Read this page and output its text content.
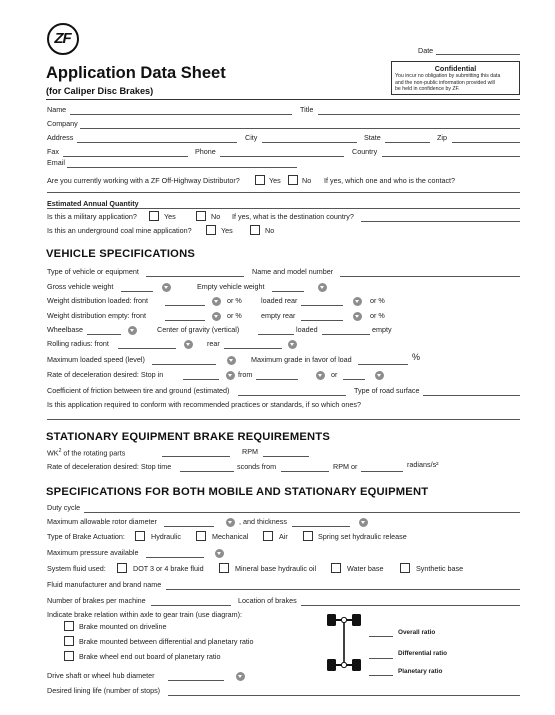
ZF
Date
Application Data Sheet
(for Caliper Disc Brakes)
Confidential
You incur no obligation by submitting this data
and the non-public information provided will
be held in confidence by ZF.
Name	Title
Company
Address	City	State	Zip
Fax	Phone	Country
Email
Are you currently working with a ZF Off-Highway Distributor?	Yes	No If yes, which one and who is the contact?
Estimated Annual Quantity
Is this a military application?	Yes	No If yes, what is the destination country?
Is this an underground coal mine application?	Yes	No
VEHICLE SPECIFICATIONS
Type of vehicle or equipment	Name and model number
Gross vehicle weight	Empty vehicle weight
Weight distribution loaded: front	or %	loaded rear	or %
Weight distribution empty: front	or %	empty rear	or %
Wheelbase	Center of gravity (vertical)	loaded	empty
Rolling radius: front	rear
Maximum loaded speed (level)	Maximum grade in favor of load	%
Rate of deceleration desired: Stop in	from	or
Coefficient of friction between tire and ground (estimated)	Type of road surface
Is this application required to conform with recommended practices or standards, if so which ones?
STATIONARY EQUIPMENT BRAKE REQUIREMENTS
$WK^2$ of the rotating parts	RPM
Rate of deceleration desired: Stop time	sconds from	RPM or	radians/s²
SPECIFICATIONS FOR BOTH MOBILE AND STATIONARY EQUIPMENT
Duty cycle
Maximum allowable rotor diameter	, and thickness
Type of Brake Actuation:	Hydraulic	Mechanical	Air	Spring set hydraulic release
Maximum pressure available
System fluid used:	DOT 3 or 4 brake fluid	Mineral base hydraulic oil	Water base	Synthetic base
Fluid manufacturer and brand name
Number of brakes per machine	Location of brakes
Indicate brake relation within axle to gear train (use diagram):
Brake mounted on driveline
Brake mounted between differential and planetary ratio
Brake wheel end out board of planetary ratio
Overall ratio
Differential ratio
Planetary ratio
Drive shaft or wheel hub diameter
Desired lining life (number of stops)
